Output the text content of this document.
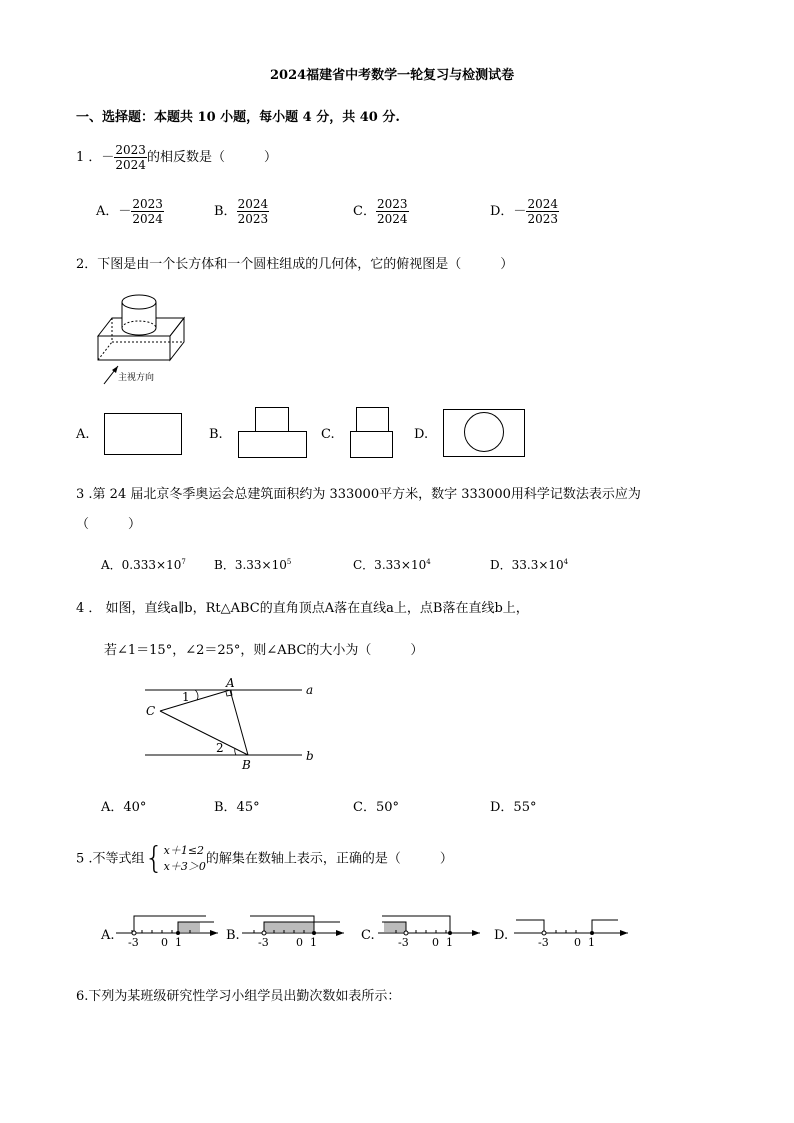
2024福建省中考数学一轮复习与检测试卷
一、选择题：本题共 10 小题，每小题 4 分，共 40 分.
1 ．－ $\frac{2023}{2024}$ 的相反数是（　　　）
A．－ $\frac{2023}{2024}$	B． $\frac{2024}{2023}$	C． $\frac{2023}{2024}$	D．－ $\frac{2024}{2023}$
2．下图是由一个长方体和一个圆柱组成的几何体，它的俯视图是（　　　）
主视方向
A.	B.	C.	D.
3 .第 24 届北京冬季奥运会总建筑面积约为 333000平方米，数字 333000用科学记数法表示应为
（　　　）
A．$0.333\times 10^7$ B．$3.33\times 10^5$	C．$3.33\times 10^4$	D．$33.3\times 10^4$
4 ． 如图，直线a∥b，Rt△ABC的直角顶点A落在直线a上，点B落在直线b上，
若∠1＝15°，∠2＝25°，则∠ABC的大小为（　　　）
A
C
B
a
b
1
2
A．40°	B．45°	C．50°	D．55°
5 .不等式组{ x＋1≤2
x＋3＞0 的解集在数轴上表示，正确的是（　　　）
A. -3 0 1	B. -3 0 1	C. -3 0 1	D.	-3 0 1
6.下列为某班级研究性学习小组学员出勤次数如表所示：
